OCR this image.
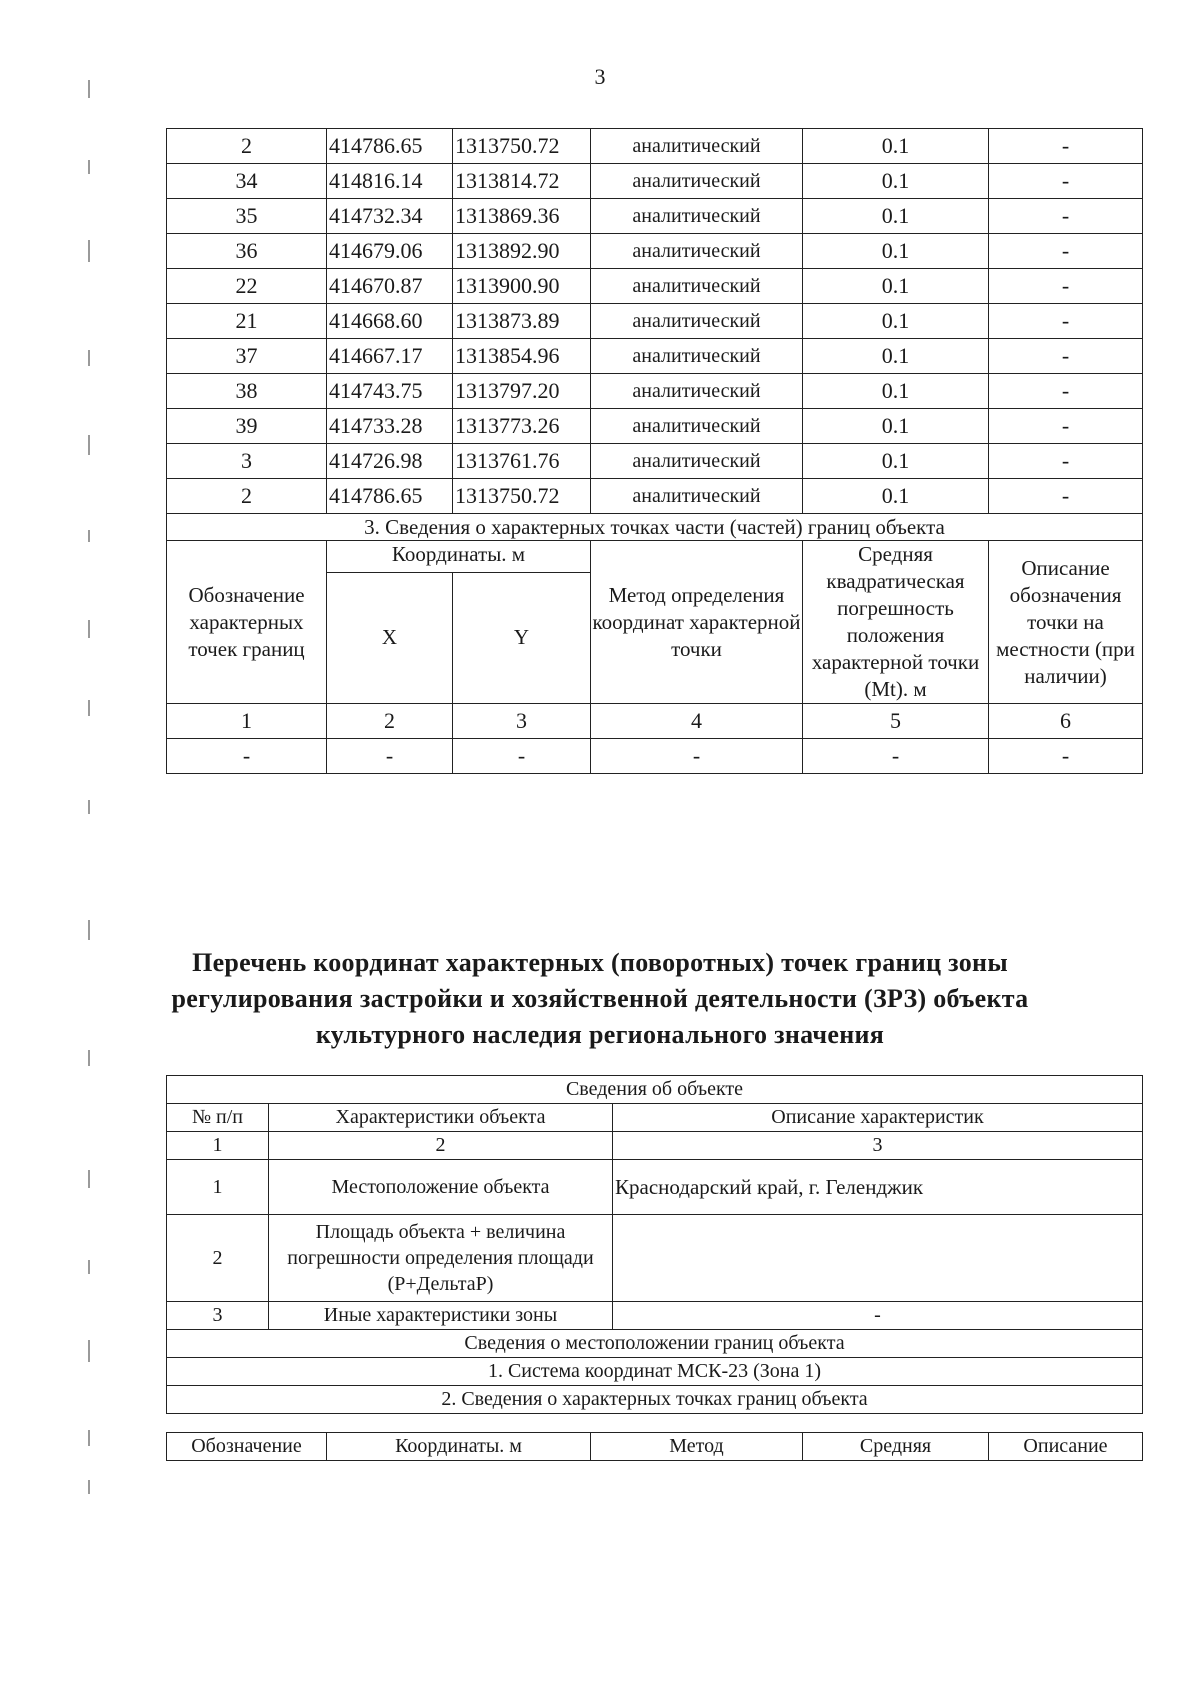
3
2	414786.65	1313750.72	аналитический	0.1	-
34	414816.14	1313814.72	аналитический	0.1	-
35	414732.34	1313869.36	аналитический	0.1	-
36	414679.06	1313892.90	аналитический	0.1	-
22	414670.87	1313900.90	аналитический	0.1	-
21	414668.60	1313873.89	аналитический	0.1	-
37	414667.17	1313854.96	аналитический	0.1	-
38	414743.75	1313797.20	аналитический	0.1	-
39	414733.28	1313773.26	аналитический	0.1	-
3	414726.98	1313761.76	аналитический	0.1	-
2	414786.65	1313750.72	аналитический	0.1	-
3. Сведения о характерных точках части (частей) границ объекта					
Обозначение характерных точек границ	Координаты. м		Метод определения координат характерной точки	Средняя квадратическая погрешность положения характерной точки (Mt). м	Описание обозначения точки на местности (при наличии)
	X	Y			
1	2	3	4	5	6
-	-	-	-	-	-
Перечень координат характерных (поворотных) точек границ зоны регулирования застройки и хозяйственной деятельности (ЗРЗ) объекта культурного наследия регионального значения
Сведения об объекте		
№ п/п	Характеристики объекта	Описание характеристик
1	2	3
1	Местоположение объекта	Краснодарский край, г. Геленджик
2	Площадь объекта + величина погрешности определения площади (Р+ДельтаР)	
3	Иные характеристики зоны	-
Сведения о местоположении границ объекта		
1. Система координат МСК-23 (Зона 1)		
2. Сведения о характерных точках границ объекта		
Обозначение	Координаты. м	Метод	Средняя	Описание
